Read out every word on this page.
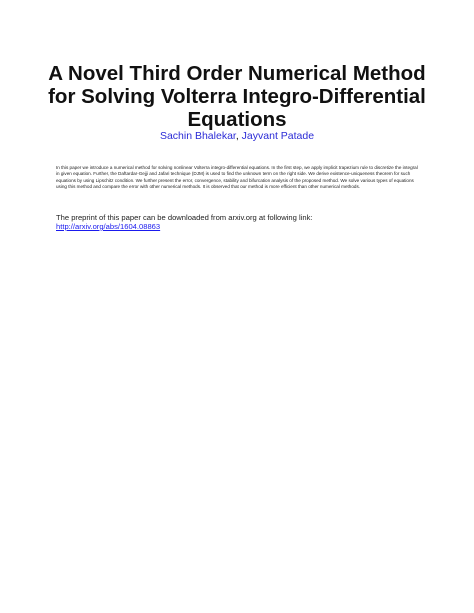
A Novel Third Order Numerical Method for Solving Volterra Integro-Differential Equations
Sachin Bhalekar, Jayvant Patade

In this paper we introduce a numerical method for solving nonlinear Volterra integro-differential equations. In the first step, we apply implicit trapezium rule to discretize the integral in given equation. Further, the Daftardar-Gejji and Jafari technique (DJM) is used to find the unknown term on the right side. We derive existence-uniqueness theorem for such equations by using Lipschitz condition. We further present the error, convergence, stability and bifurcation analysis of the proposed method. We solve various types of equations using this method and compare the error with other numerical methods. It is observed that our method is more efficient than other numerical methods.

The preprint of this paper can be downloaded from arxiv.org at following link:

http://arxiv.org/abs/1604.08863
